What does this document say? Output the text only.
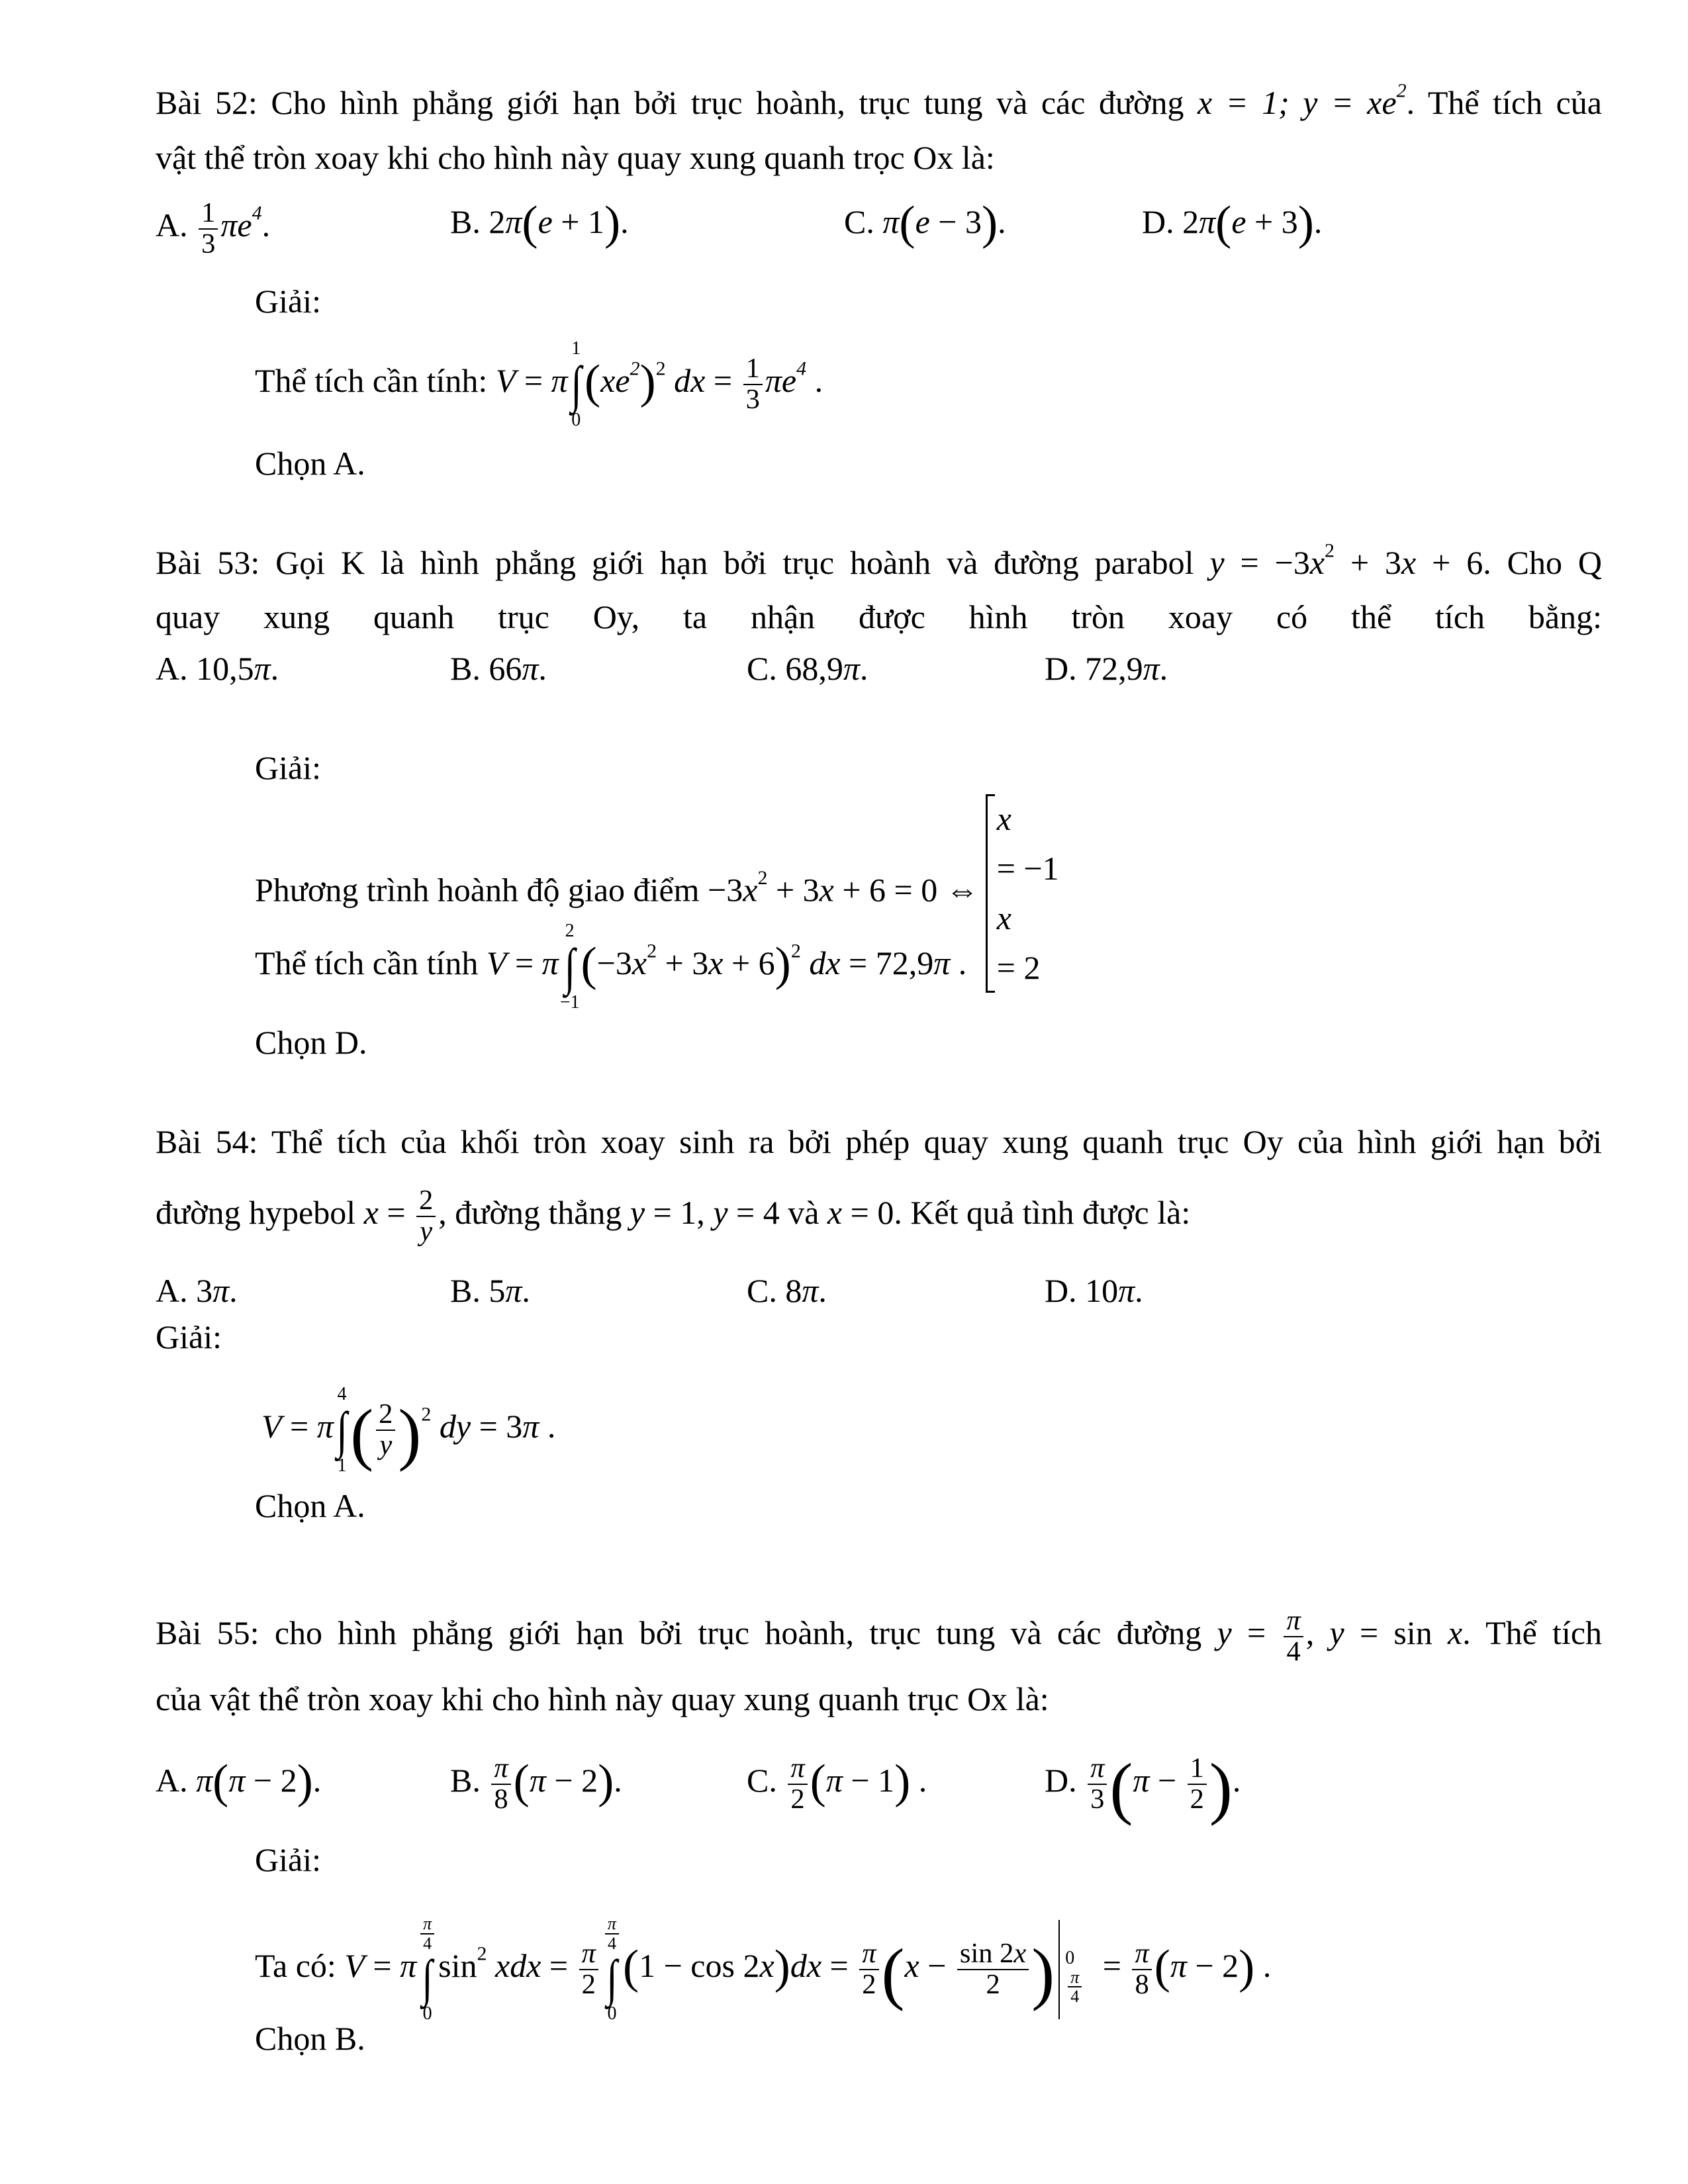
Bài 52: Cho hình phẳng giới hạn bởi trục hoành, trục tung và các đường x = 1; $y = xe^2$. Thể tích của
vật thể tròn xoay khi cho hình này quay xung quanh trọc Ox là:
A. $\frac{1}{3} \pi e^4$.	B. 2π(e + 1).	C. π(e − 3).	D. 2π(e + 3).
Giải:
Thể tích cần tính: V = π
1
∫
0
$(xe^2)^2$ dx = $\frac{1}{3} \pi e^4$ .
Chọn A.
Bài 53: Gọi K là hình phẳng giới hạn bởi trục hoành và đường parabol $y = -3x^2 + 3x + 6$. Cho Q
quay xung quanh trục Oy, ta nhận được hình tròn xoay có thể tích bằng:
A. 10,5π.	B. 66π.	C. 68,9π.	D. 72,9π.
Giải:
Phương trình hoành độ giao điểm $-3x^2 + 3x + 6 = 0$ ⇔
x
= −1
x
= 2
Thể tích cần tính V = π
2
∫
−1
$(-3x^2 + 3x + 6)^2$ dx = 72,9π .
Chọn D.
Bài 54: Thể tích của khối tròn xoay sinh ra bởi phép quay xung quanh trục Oy của hình giới hạn bởi
đường hypebol $x = \frac{2}{y}$ , đường thẳng y = 1, y = 4 và x = 0. Kết quả tình được là:
A. 3π.	B. 5π.	C. 8π.	D. 10π.
Giải:
V = π
4
∫
1 ( $\frac{2}{y} )^2$ dy = 3π .
Chọn A.
Bài 55: cho hình phẳng giới hạn bởi trục hoành, trục tung và các đường $y = \frac{\pi}{4}$ , y = sin x. Thể tích
của vật thể tròn xoay khi cho hình này quay xung quanh trục Ox là:
A. π(π − 2).	B. $\frac{\pi}{8} (\pi - 2)$.	C. $\frac{\pi}{2} (\pi - 1)$ .	D. $\frac{\pi}{3} (\pi - \frac{1}{2}$ ).
Giải:
Ta có: V = π
$\frac{\pi}{4}$
∫
0
$\sin^2$ xdx = $\frac{\pi}{2}$
$\frac{\pi}{4}$
∫
0
$(1 - \cos 2x)dx = \frac{\pi}{2} (x - \frac{\sin 2x}{2}$ ) $\frac{\pi}{4}$
$0 = \frac{\pi}{8} (\pi - 2)$ .
Chọn B.
